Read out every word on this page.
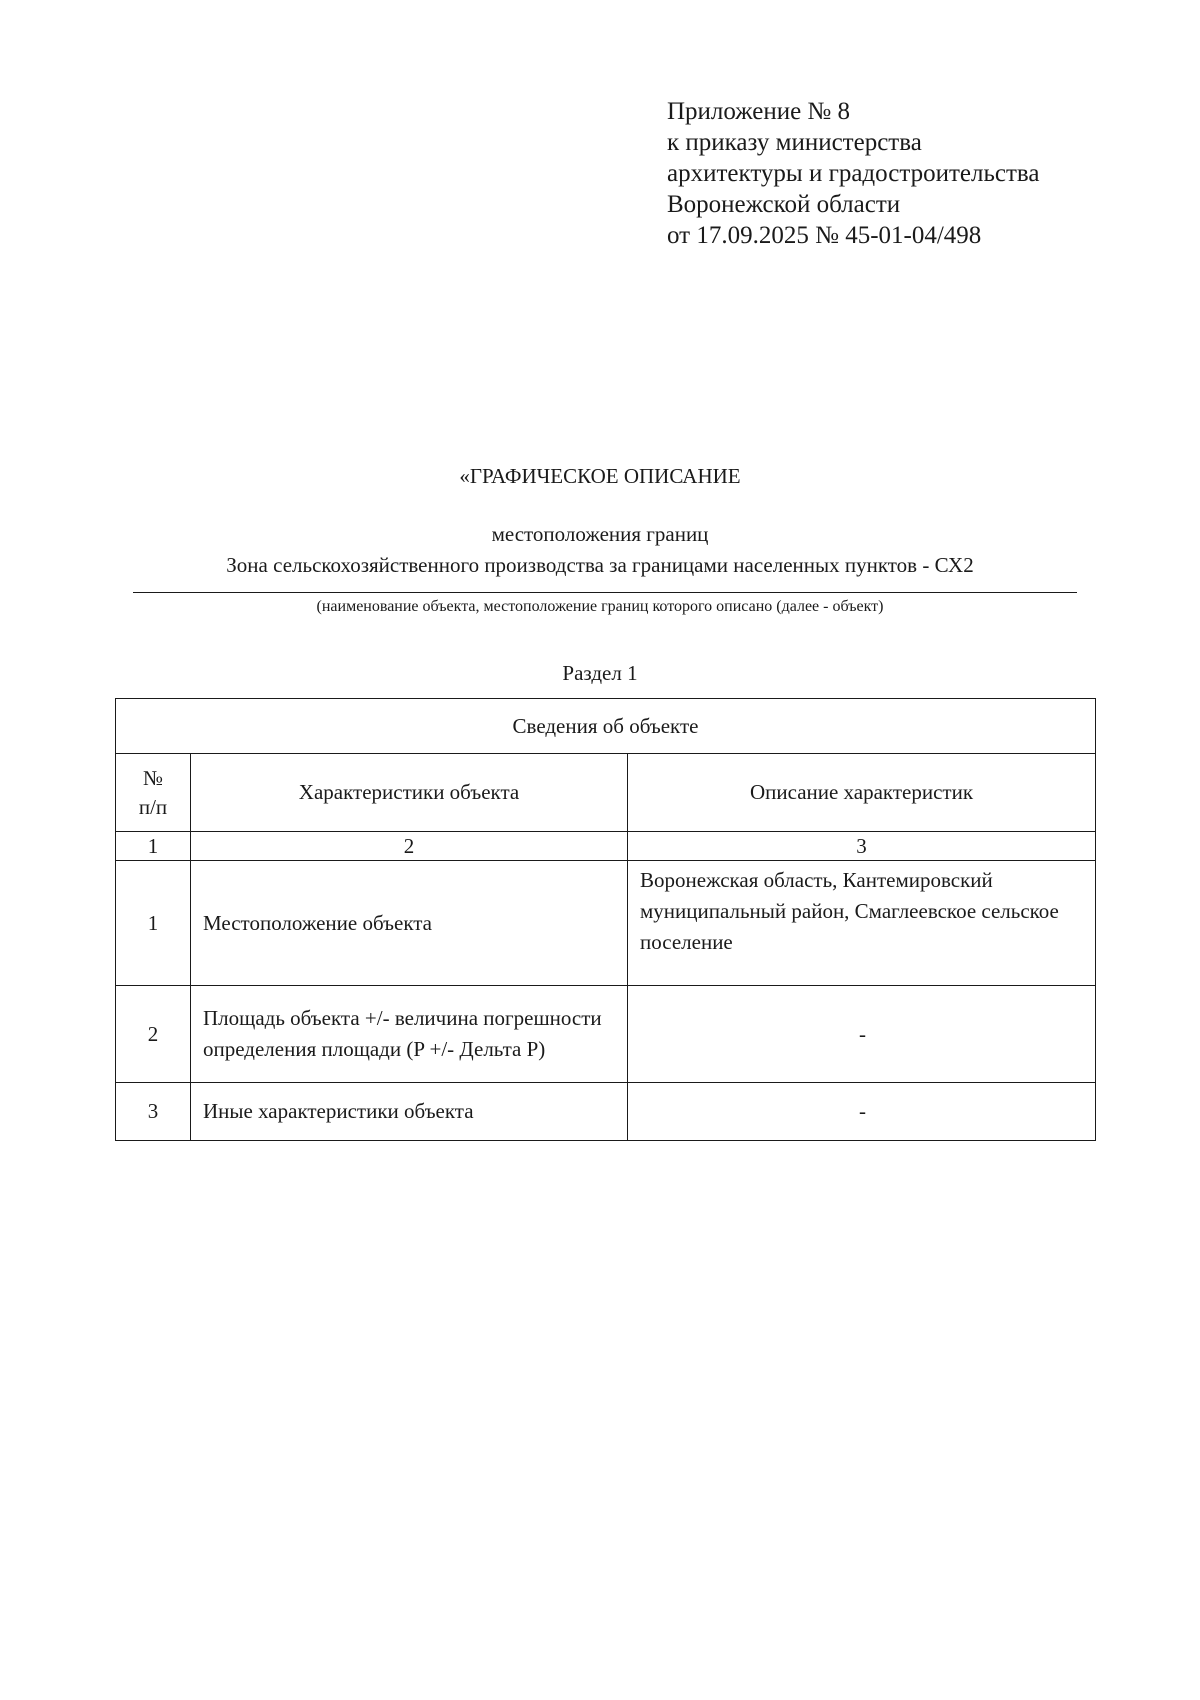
Приложение № 8
к приказу министерства
архитектуры и градостроительства
Воронежской области
от 17.09.2025 № 45-01-04/498
«ГРАФИЧЕСКОЕ ОПИСАНИЕ
местоположения границ
Зона сельскохозяйственного производства за границами населенных пунктов - СХ2
(наименование объекта, местоположение границ которого описано (далее - объект)
Раздел 1
Сведения об объекте		

№
п/п	Характеристики объекта	Описание характеристик
1	2	3
1	Местоположение объекта	Воронежская область, Кантемировский муниципальный район, Смаглеевское сельское поселение
2	Площадь объекта +/- величина погрешности определения площади (P +/- Дельта P)	-
3	Иные характеристики объекта	-
